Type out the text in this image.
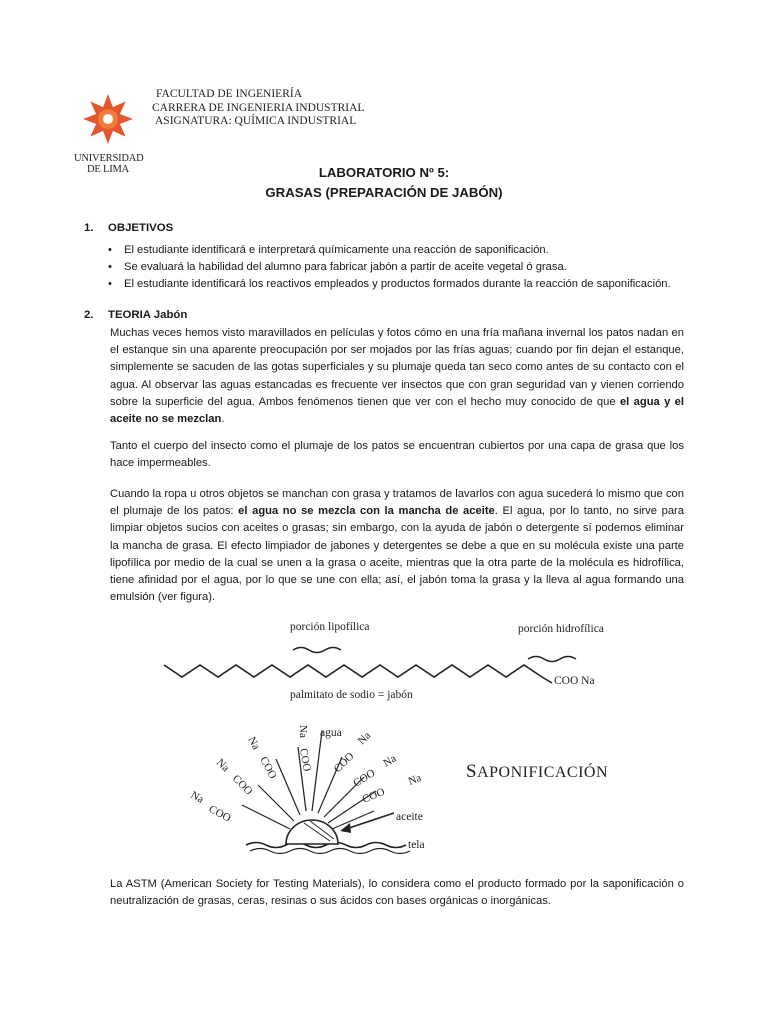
UNIVERSIDAD
DE LIMA
FACULTAD DE INGENIERÍA
CARRERA DE INGENIERIA INDUSTRIAL
ASIGNATURA: QUÍMICA INDUSTRIAL
LABORATORIO Nº 5:
GRASAS (PREPARACIÓN DE JABÓN)
1. OBJETIVOS
• El estudiante identificará e interpretará químicamente una reacción de saponificación.
• Se evaluará la habilidad del alumno para fabricar jabón a partir de aceite vegetal ó grasa.
• El estudiante identificará los reactivos empleados y productos formados durante la reacción de saponificación.
2. TEORIA Jabón
Muchas veces hemos visto maravillados en películas y fotos cómo en una fría mañana invernal los patos nadan en el estanque sin una aparente preocupación por ser mojados por las frías aguas; cuando por fin dejan el estanque, simplemente se sacuden de las gotas superficiales y su plumaje queda tan seco como antes de su contacto con el agua. Al observar las aguas estancadas es frecuente ver insectos que con gran seguridad van y vienen corriendo sobre la superficie del agua. Ambos fenómenos tienen que ver con el hecho muy conocido de que el agua y el aceite no se mezclan.
Tanto el cuerpo del insecto como el plumaje de los patos se encuentran cubiertos por una capa de grasa que los hace impermeables.
Cuando la ropa u otros objetos se manchan con grasa y tratamos de lavarlos con agua sucederá lo mismo que con el plumaje de los patos: el agua no se mezcla con la mancha de aceite. El agua, por lo tanto, no sirve para limpiar objetos sucios con aceites o grasas; sin embargo, con la ayuda de jabón o detergente sí podemos eliminar la mancha de grasa. El efecto limpiador de jabones y detergentes se debe a que en su molécula existe una parte lipofílica por medio de la cual se unen a la grasa o aceite, mientras que la otra parte de la molécula es hidrofílica, tiene afinidad por el agua, por lo que se une con ella; así, el jabón toma la grasa y la lleva al agua formando una emulsión (ver figura).
porción lipofílica	porción hidrofílica
COO Na
palmitato de sodio = jabón
agua
aceite
tela
COO
Na COO
Na COO
Na
COO
Na
COO
Na
COO
Na
COO
Na SAPONIFICACIÓN
La ASTM (American Society for Testing Materials), lo considera como el producto formado por la saponificación o neutralización de grasas, ceras, resinas o sus ácidos con bases orgánicas o inorgánicas.
